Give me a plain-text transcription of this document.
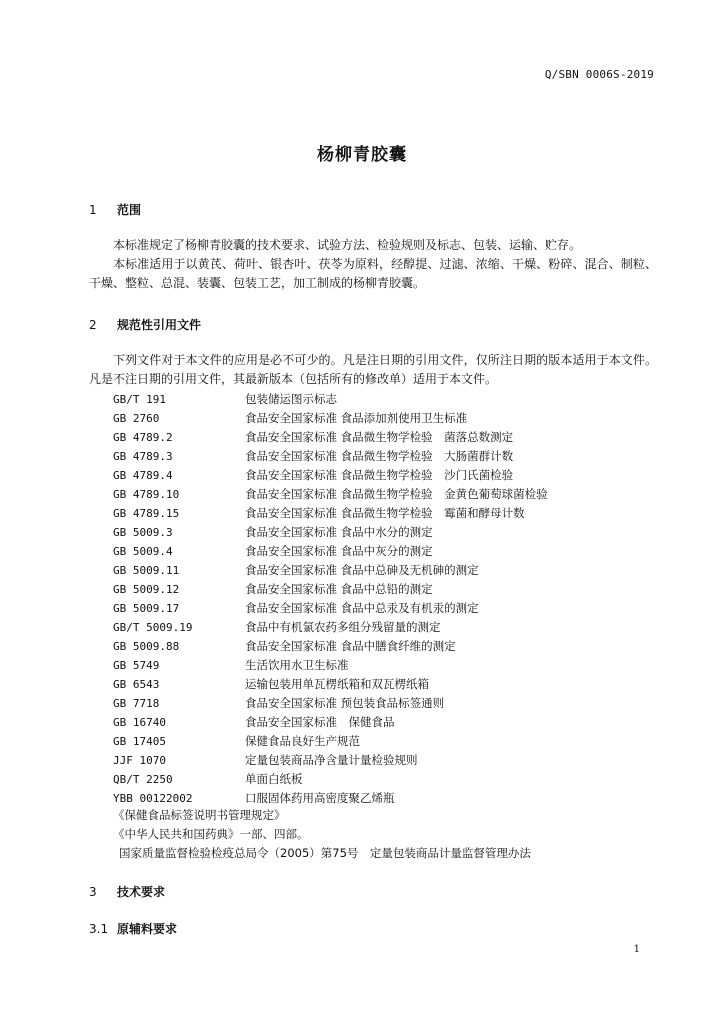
Q/SBN 0006S-2019
杨柳青胶囊
1 范围

本标准规定了杨柳青胶囊的技术要求、试验方法、检验规则及标志、包装、运输、贮存。

本标准适用于以黄芪、荷叶、银杏叶、茯苓为原料，经醇提、过滤、浓缩、干燥、粉碎、混合、制粒、干燥、整粒、总混、装囊、包装工艺，加工制成的杨柳青胶囊。

2 规范性引用文件

下列文件对于本文件的应用是必不可少的。凡是注日期的引用文件，仅所注日期的版本适用于本文件。凡是不注日期的引用文件，其最新版本（包括所有的修改单）适用于本文件。

GB/T 191	包装储运图示标志
GB 2760	食品安全国家标准 食品添加剂使用卫生标准
GB 4789.2	食品安全国家标准 食品微生物学检验　菌落总数测定
GB 4789.3	食品安全国家标准 食品微生物学检验　大肠菌群计数
GB 4789.4	食品安全国家标准 食品微生物学检验　沙门氏菌检验
GB 4789.10	食品安全国家标准 食品微生物学检验　金黄色葡萄球菌检验
GB 4789.15	食品安全国家标准 食品微生物学检验　霉菌和酵母计数
GB 5009.3	食品安全国家标准 食品中水分的测定
GB 5009.4	食品安全国家标准 食品中灰分的测定
GB 5009.11	食品安全国家标准 食品中总砷及无机砷的测定
GB 5009.12	食品安全国家标准 食品中总铅的测定
GB 5009.17	食品安全国家标准 食品中总汞及有机汞的测定
GB/T 5009.19	食品中有机氯农药多组分残留量的测定
GB 5009.88	食品安全国家标准 食品中膳食纤维的测定
GB 5749	生活饮用水卫生标准
GB 6543	运输包装用单瓦楞纸箱和双瓦楞纸箱
GB 7718	食品安全国家标准 预包装食品标签通则
GB 16740	食品安全国家标准　保健食品
GB 17405	保健食品良好生产规范
JJF 1070	定量包装商品净含量计量检验规则
QB/T 2250	单面白纸板
YBB 00122002	口服固体药用高密度聚乙烯瓶
《保健食品标签说明书管理规定》
《中华人民共和国药典》一部、四部。
国家质量监督检验检疫总局令（2005）第75号　定量包装商品计量监督管理办法
3 技术要求
3.1 原辅料要求
1
